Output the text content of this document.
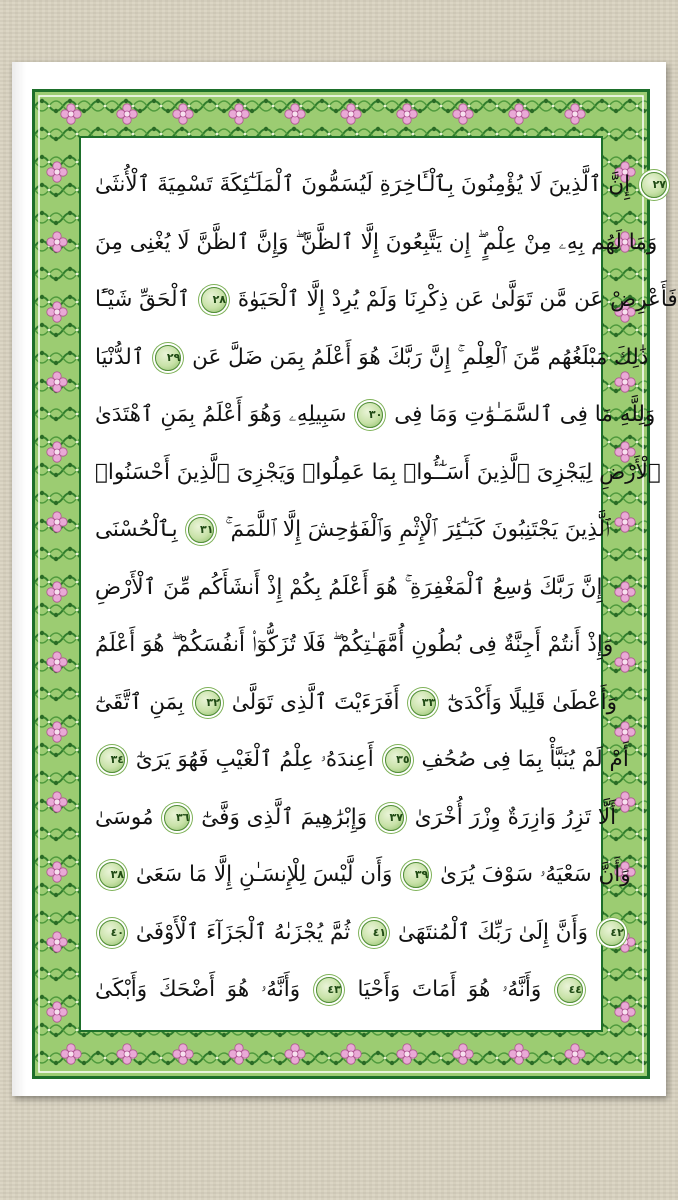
إِنَّ ٱلَّذِينَ لَا يُؤْمِنُونَ بِٱلْـَٔاخِرَةِ لَيُسَمُّونَ ٱلْمَلَـٰٓئِكَةَ تَسْمِيَةَ ٱلْأُنثَىٰ ٢٧
وَمَا لَهُم بِهِۦ مِنْ عِلْمٍ ۖ إِن يَتَّبِعُونَ إِلَّا ٱلظَّنَّ ۖ وَإِنَّ ٱلظَّنَّ لَا يُغْنِى مِنَ
ٱلْحَقِّ شَيْـًٔا ٢٨ فَأَعْرِضْ عَن مَّن تَوَلَّىٰ عَن ذِكْرِنَا وَلَمْ يُرِدْ إِلَّا ٱلْحَيَوٰةَ
ٱلدُّنْيَا ٢٩ ذَٰلِكَ مَبْلَغُهُم مِّنَ ٱلْعِلْمِ ۚ إِنَّ رَبَّكَ هُوَ أَعْلَمُ بِمَن ضَلَّ عَن
سَبِيلِهِۦ وَهُوَ أَعْلَمُ بِمَنِ ٱهْتَدَىٰ ٣٠ وَلِلَّهِ مَا فِى ٱلسَّمَـٰوَٰتِ وَمَا فِى
ٱلْأَرْضِ لِيَجْزِىَ ٱلَّذِينَ أَسَـٰٓـُٔوا۟ بِمَا عَمِلُوا۟ وَيَجْزِىَ ٱلَّذِينَ أَحْسَنُوا۟
بِٱلْحُسْنَى ٣١ ٱلَّذِينَ يَجْتَنِبُونَ كَبَـٰٓئِرَ ٱلْإِثْمِ وَٱلْفَوَٰحِشَ إِلَّا ٱللَّمَمَ ۚ
إِنَّ رَبَّكَ وَٰسِعُ ٱلْمَغْفِرَةِ ۚ هُوَ أَعْلَمُ بِكُمْ إِذْ أَنشَأَكُم مِّنَ ٱلْأَرْضِ
وَإِذْ أَنتُمْ أَجِنَّةٌ فِى بُطُونِ أُمَّهَـٰتِكُمْ ۖ فَلَا تُزَكُّوٓا۟ أَنفُسَكُمْ ۖ هُوَ أَعْلَمُ
بِمَنِ ٱتَّقَىٰٓ ٣٢ أَفَرَءَيْتَ ٱلَّذِى تَوَلَّىٰ ٣٣ وَأَعْطَىٰ قَلِيلًا وَأَكْدَىٰٓ
٣٤ أَعِندَهُۥ عِلْمُ ٱلْغَيْبِ فَهُوَ يَرَىٰٓ ٣٥ أَمْ لَمْ يُنَبَّأْ بِمَا فِى صُحُفِ
مُوسَىٰ ٣٦ وَإِبْرَٰهِيمَ ٱلَّذِى وَفَّىٰٓ ٣٧ أَلَّا تَزِرُ وَازِرَةٌ وِزْرَ أُخْرَىٰ
٣٨ وَأَن لَّيْسَ لِلْإِنسَـٰنِ إِلَّا مَا سَعَىٰ ٣٩ وَأَنَّ سَعْيَهُۥ سَوْفَ يُرَىٰ
٤٠ ثُمَّ يُجْزَىٰهُ ٱلْجَزَآءَ ٱلْأَوْفَىٰ ٤١ وَأَنَّ إِلَىٰ رَبِّكَ ٱلْمُنتَهَىٰ ٤٢
وَأَنَّهُۥ هُوَ أَضْحَكَ وَأَبْكَىٰ ٤٣ وَأَنَّهُۥ هُوَ أَمَاتَ وَأَحْيَا ٤٤
